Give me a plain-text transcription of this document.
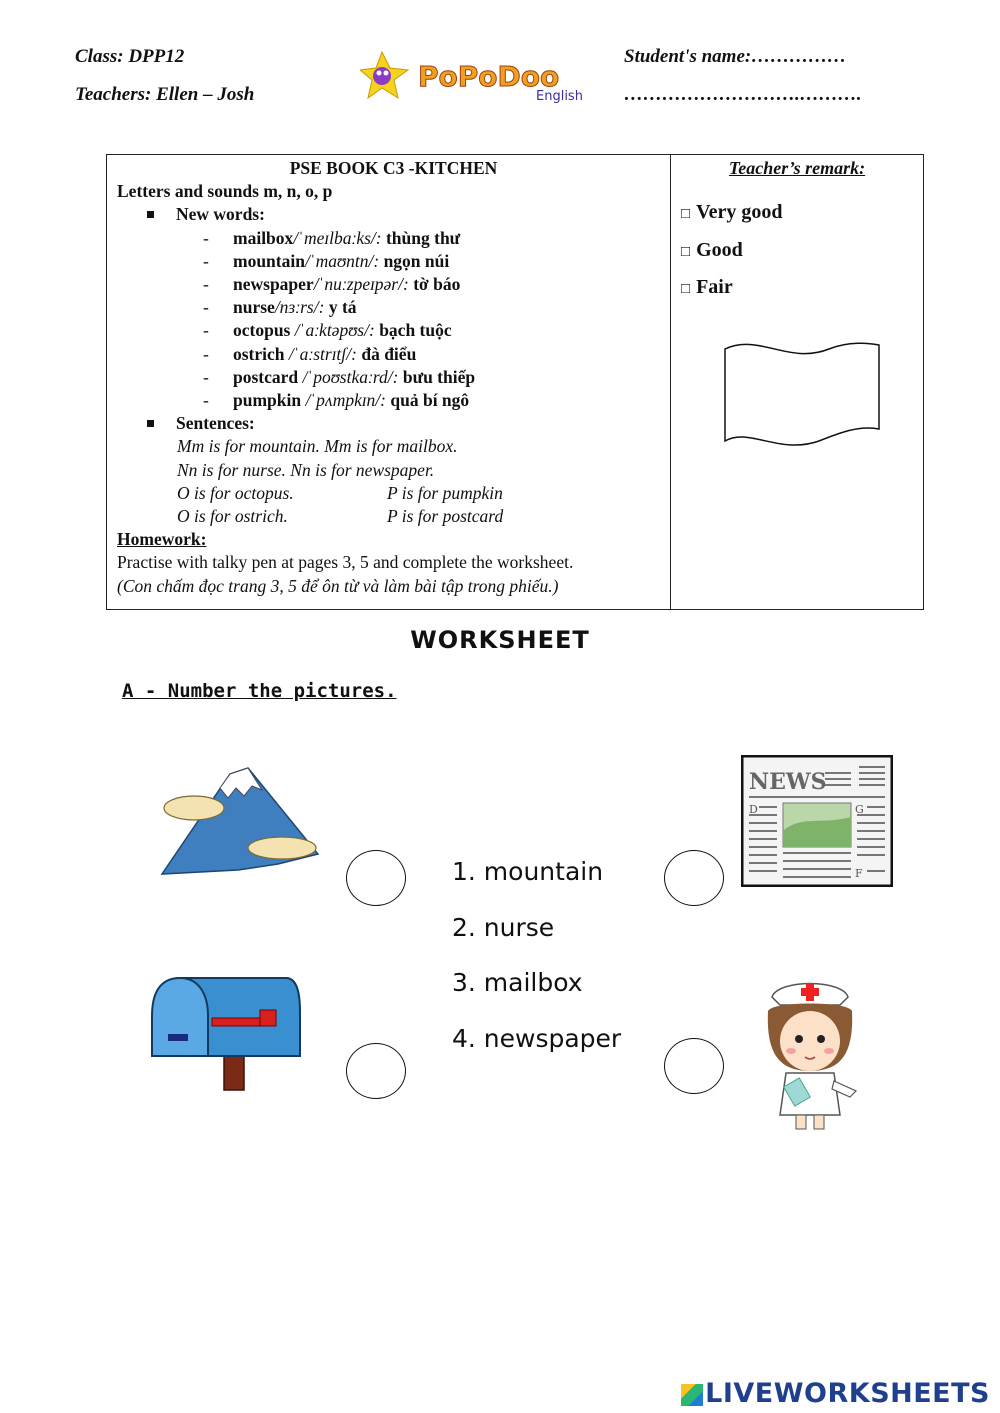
Class: DPP12
Teachers: Ellen – Josh
Student's name:……………
……………………….……….
PoPoDoo
English
PSE BOOK C3 -KITCHEN
Letters and sounds m, n, o, p
New words:
- mailbox/ˈmeɪlbaːks/: thùng thư
- mountain/ˈmaʊntn/: ngọn núi
- newspaper/ˈnuːzpeɪpər/: tờ báo
- nurse/nɜːrs/: y tá
- octopus /ˈaːktəpʊs/: bạch tuộc
- ostrich /ˈaːstrɪtʃ/: đà điểu
- postcard /ˈpoʊstkaːrd/: bưu thiếp
- pumpkin /ˈpʌmpkɪn/: quả bí ngô
Sentences:
Mm is for mountain. Mm is for mailbox.
Nn is for nurse. Nn is for newspaper.
O is for octopus.	P is for pumpkin
O is for ostrich.	P is for postcard
Homework:
Practise with talky pen at pages 3, 5 and complete the worksheet.
(Con chấm đọc trang 3, 5 để ôn từ và làm bài tập trong phiếu.)

Teacher’s remark:
□ Very good
□ Good
□ Fair
WORKSHEET
A - Number the pictures.
1. mountain
2. nurse
3. mailbox
4. newspaper
NEWS
D	G
F
LIVEWORKSHEETS
